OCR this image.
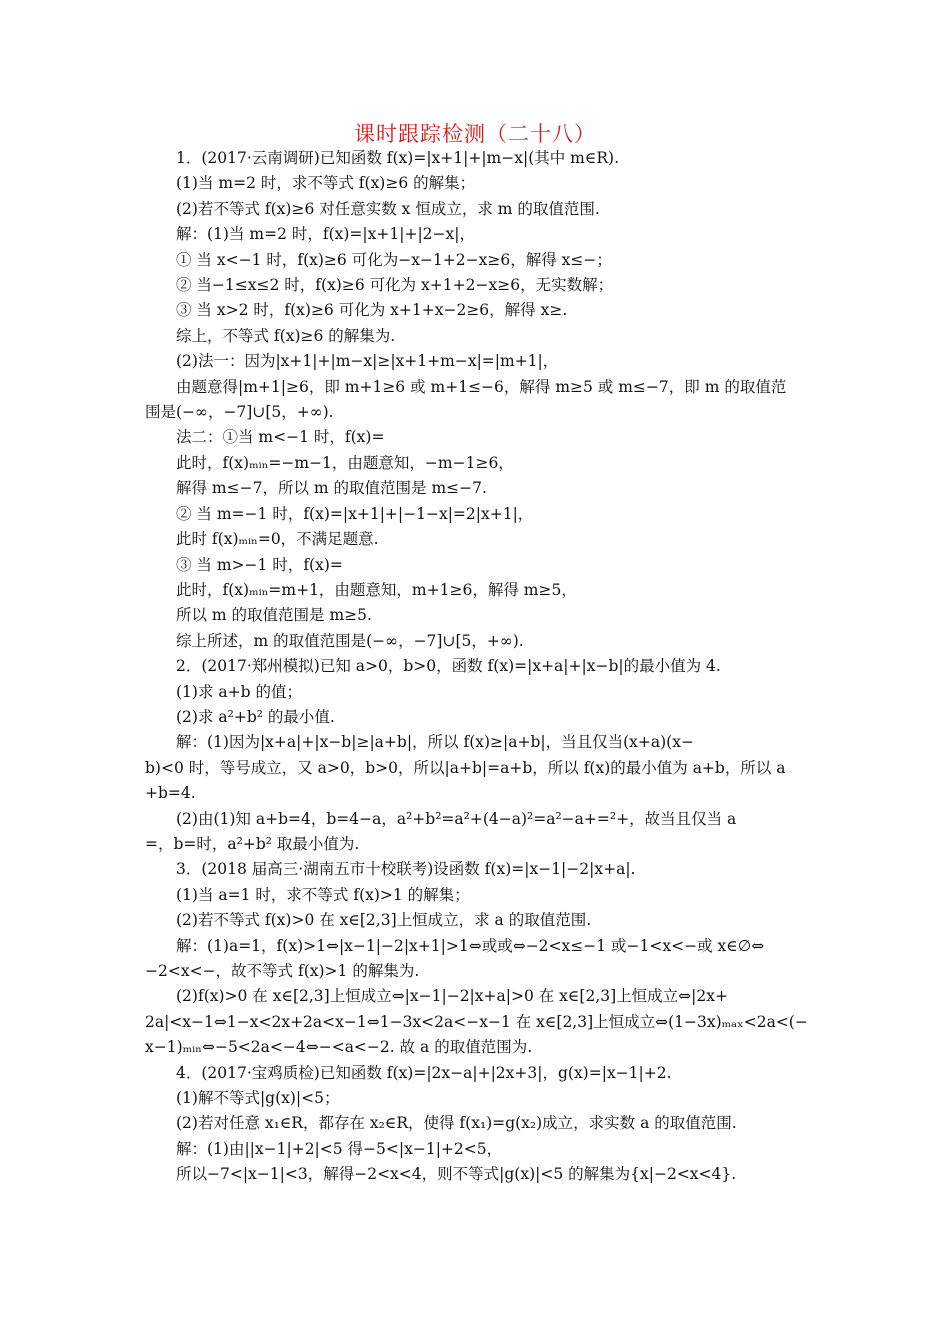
课时跟踪检测（二十八）

1．(2017·云南调研)已知函数 f(x)=|x+1|+|m−x|(其中 m∈R).

(1)当 m=2 时，求不等式 f(x)≥6 的解集；

(2)若不等式 f(x)≥6 对任意实数 x 恒成立，求 m 的取值范围.

解：(1)当 m=2 时，f(x)=|x+1|+|2−x|，

① 当 x<−1 时，f(x)≥6 可化为−x−1+2−x≥6，解得 x≤−；

② 当−1≤x≤2 时，f(x)≥6 可化为 x+1+2−x≥6，无实数解；

③ 当 x>2 时，f(x)≥6 可化为 x+1+x−2≥6，解得 x≥.

综上，不等式 f(x)≥6 的解集为.

(2)法一：因为|x+1|+|m−x|≥|x+1+m−x|=|m+1|，

由题意得|m+1|≥6，即 m+1≥6 或 m+1≤−6，解得 m≥5 或 m≤−7，即 m 的取值范

围是(−∞，−7]∪[5，+∞).

法二：①当 m<−1 时，f(x)=

此时，f(x)ₘᵢₙ=−m−1，由题意知，−m−1≥6，

解得 m≤−7，所以 m 的取值范围是 m≤−7.

② 当 m=−1 时，f(x)=|x+1|+|−1−x|=2|x+1|，

此时 f(x)ₘᵢₙ=0，不满足题意.

③ 当 m>−1 时，f(x)=

此时，f(x)ₘᵢₙ=m+1，由题意知，m+1≥6，解得 m≥5，

所以 m 的取值范围是 m≥5.

综上所述，m 的取值范围是(−∞，−7]∪[5，+∞).

2．(2017·郑州模拟)已知 a>0，b>0，函数 f(x)=|x+a|+|x−b|的最小值为 4.

(1)求 a+b 的值；

(2)求 a²+b² 的最小值.

解：(1)因为|x+a|+|x−b|≥|a+b|，所以 f(x)≥|a+b|，当且仅当(x+a)(x−

b)<0 时，等号成立，又 a>0，b>0，所以|a+b|=a+b，所以 f(x)的最小值为 a+b，所以 a

+b=4.

(2)由(1)知 a+b=4，b=4−a，a²+b²=a²+(4−a)²=a²−a+=²+，故当且仅当 a

=，b=时，a²+b² 取最小值为.

3．(2018 届高三·湖南五市十校联考)设函数 f(x)=|x−1|−2|x+a|.

(1)当 a=1 时，求不等式 f(x)>1 的解集；

(2)若不等式 f(x)>0 在 x∈[2,3]上恒成立，求 a 的取值范围.

解：(1)a=1，f(x)>1⇔|x−1|−2|x+1|>1⇔或或⇔−2<x≤−1 或−1<x<−或 x∈∅⇔

−2<x<−，故不等式 f(x)>1 的解集为.

(2)f(x)>0 在 x∈[2,3]上恒成立⇔|x−1|−2|x+a|>0 在 x∈[2,3]上恒成立⇔|2x+

2a|<x−1⇔1−x<2x+2a<x−1⇔1−3x<2a<−x−1 在 x∈[2,3]上恒成立⇔(1−3x)ₘₐₓ<2a<(−

x−1)ₘᵢₙ⇔−5<2a<−4⇔−<a<−2. 故 a 的取值范围为.

4．(2017·宝鸡质检)已知函数 f(x)=|2x−a|+|2x+3|，g(x)=|x−1|+2.

(1)解不等式|g(x)|<5；

(2)若对任意 x₁∈R，都存在 x₂∈R，使得 f(x₁)=g(x₂)成立，求实数 a 的取值范围.

解：(1)由||x−1|+2|<5 得−5<|x−1|+2<5，

所以−7<|x−1|<3，解得−2<x<4，则不等式|g(x)|<5 的解集为{x|−2<x<4}.
